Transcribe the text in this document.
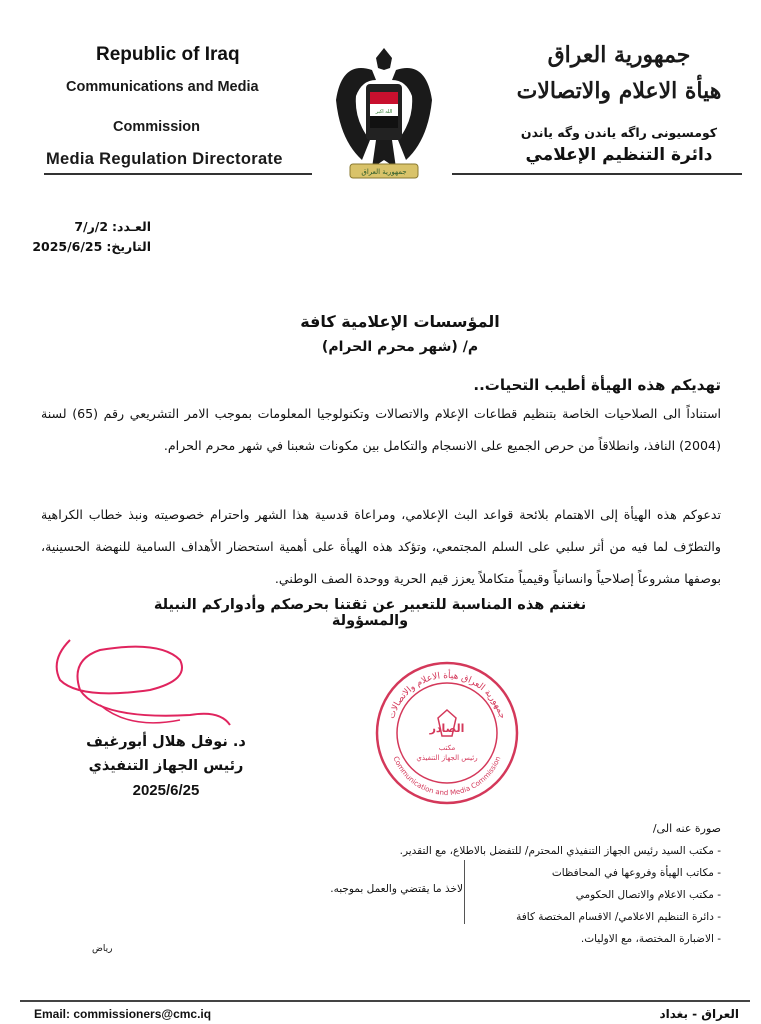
Republic of Iraq
Communications and Media
Commission
Media Regulation Directorate
الله اكبر
جمهورية العراق
جمهورية العراق
هيأة الاعلام والاتصالات
كومسيونى راگه ياندن وگه ياندن
دائرة التنظيم الإعلامي
العـدد:2/ر/7
التاريخ:2025/6/25
المؤسسات الإعلامية كافة
م/ (شهر محرم الحرام)
تهديكم هذه الهيأة أطيب التحيات..
استناداً الى الصلاحيات الخاصة بتنظيم قطاعات الإعلام والاتصالات وتكنولوجيا المعلومات بموجب الامر التشريعي رقم (65) لسنة (2004) النافذ، وانطلاقاً من حرص الجميع على الانسجام والتكامل بين مكونات شعبنا في شهر محرم الحرام.
تدعوكم هذه الهيأة إلى الاهتمام بلائحة قواعد البث الإعلامي، ومراعاة قدسية هذا الشهر واحترام خصوصيته ونبذ خطاب الكراهية والتطرّف لما فيه من أثر سلبي على السلم المجتمعي، وتؤكد هذه الهيأة على أهمية استحضار الأهداف السامية للنهضة الحسينية، بوصفها مشروعاً إصلاحياً وانسانياً وقيمياً متكاملاً يعزز قيم الحرية ووحدة الصف الوطني.
نغتنم هذه المناسبة للتعبير عن ثقتنا بحرصكم وأدواركم النبيلة والمسؤولة
د. نوفل هلال أبورغيف
رئيس الجهاز التنفيذي
2025/6/25
جمهورية العراق هيأة الاعلام والاتصالات
Communication and Media Commission
الصادر
مكتب
رئيس الجهاز التنفيذي
صورة عنه الى/
- مكتب السيد رئيس الجهاز التنفيذي المحترم/ للتفضل بالاطلاع، مع التقدير.
- مكاتب الهيأة وفروعها في المحافظات
- مكتب الاعلام والاتصال الحكومي
- دائرة التنظيم الاعلامي/ الاقسام المختصة كافة
- الاضبارة المختصة، مع الاوليات.
لاخذ ما يقتضي والعمل بموجبه.
رياض
Email: commissioners@cmc.iq	العراق - بغداد
